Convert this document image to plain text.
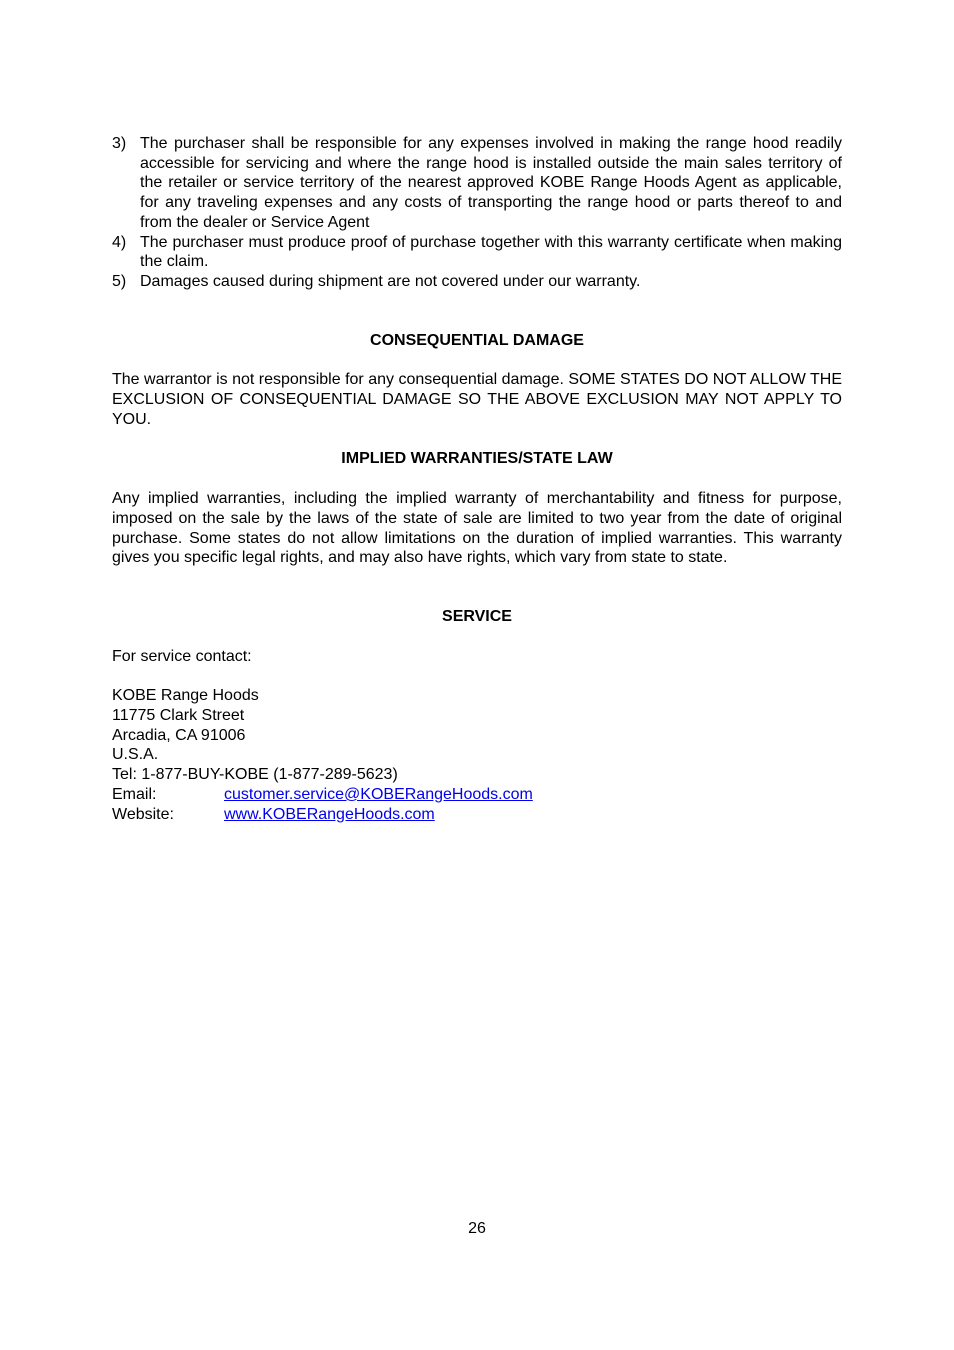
3) The purchaser shall be responsible for any expenses involved in making the range hood readily accessible for servicing and where the range hood is installed outside the main sales territory of the retailer or service territory of the nearest approved KOBE Range Hoods Agent as applicable, for any traveling expenses and any costs of transporting the range hood or parts thereof to and from the dealer or Service Agent
4) The purchaser must produce proof of purchase together with this warranty certificate when making the claim.
5) Damages caused during shipment are not covered under our warranty.
CONSEQUENTIAL DAMAGE

The warrantor is not responsible for any consequential damage. SOME STATES DO NOT ALLOW THE EXCLUSION OF CONSEQUENTIAL DAMAGE SO THE ABOVE EXCLUSION MAY NOT APPLY TO YOU.

IMPLIED WARRANTIES/STATE LAW

Any implied warranties, including the implied warranty of merchantability and fitness for purpose, imposed on the sale by the laws of the state of sale are limited to two year from the date of original purchase. Some states do not allow limitations on the duration of implied warranties. This warranty gives you specific legal rights, and may also have rights, which vary from state to state.

SERVICE

For service contact:

KOBE Range Hoods
11775 Clark Street
Arcadia, CA 91006
U.S.A.
Tel: 1-877-BUY-KOBE (1-877-289-5623)
Email:	customer.service@KOBERangeHoods.com
Website:	www.KOBERangeHoods.com
26
